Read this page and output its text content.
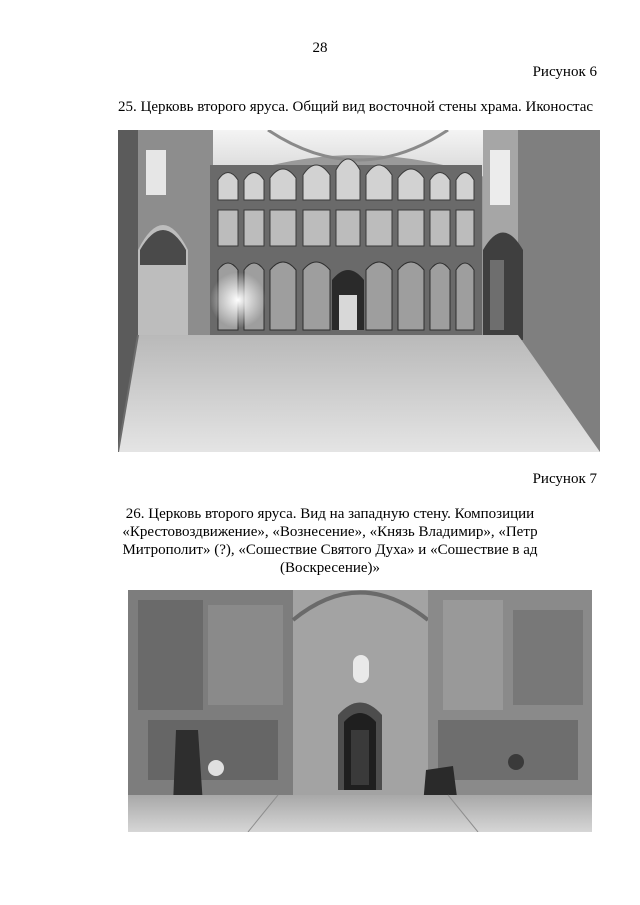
28
Рисунок 6
25. Церковь второго яруса. Общий вид восточной стены храма. Иконостас
Рисунок 7
26. Церковь второго яруса. Вид на западную стену. Композиции «Крестовоздвижение», «Вознесение», «Князь Владимир», «Петр Митрополит» (?), «Сошествие Святого Духа» и «Сошествие в ад (Воскресение)»
